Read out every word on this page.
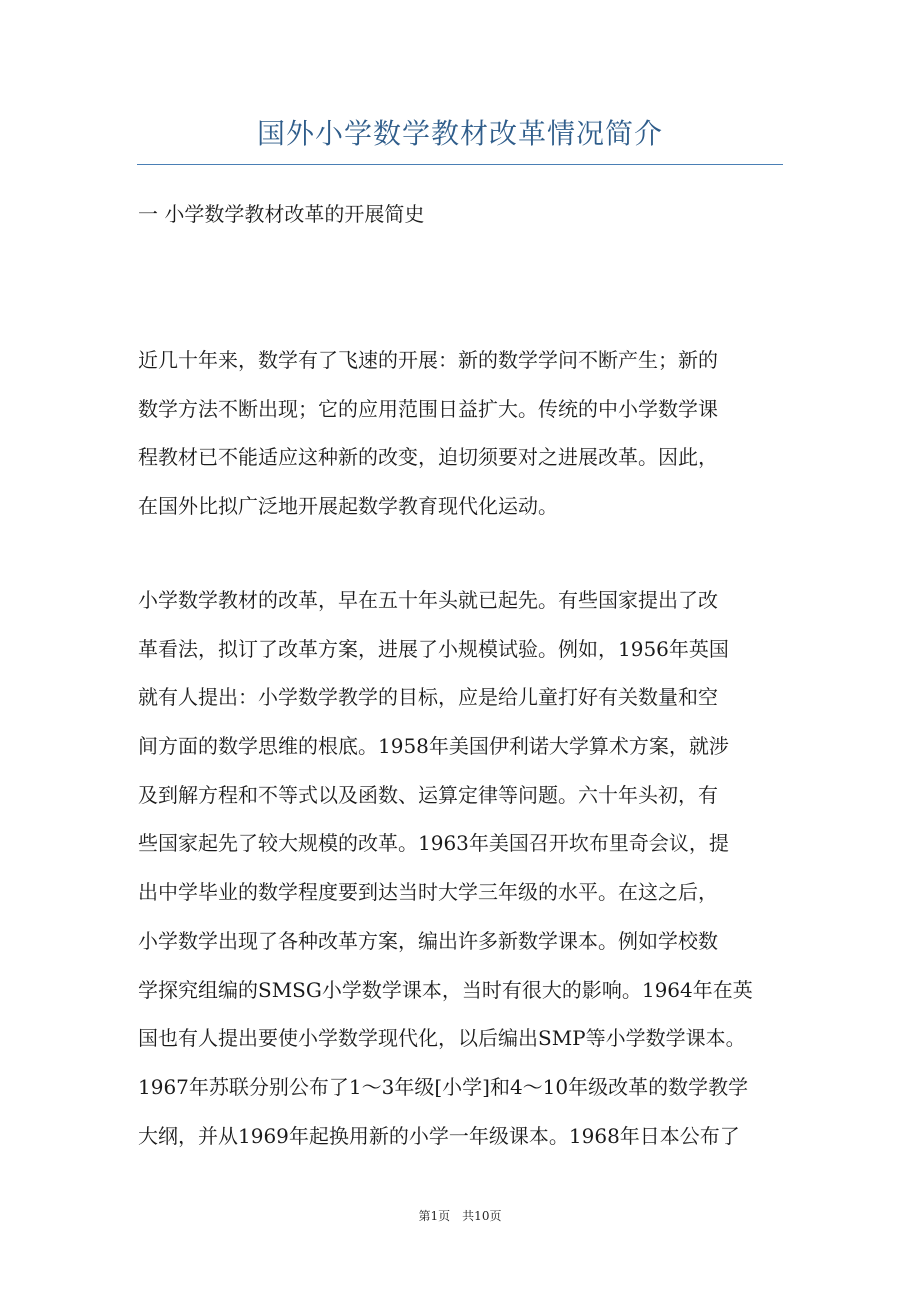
国外小学数学教材改革情况简介
一 小学数学教材改革的开展简史
近几十年来，数学有了飞速的开展：新的数学学问不断产生；新的
数学方法不断出现；它的应用范围日益扩大。传统的中小学数学课
程教材已不能适应这种新的改变，迫切须要对之进展改革。因此，
在国外比拟广泛地开展起数学教育现代化运动。
小学数学教材的改革，早在五十年头就已起先。有些国家提出了改
革看法，拟订了改革方案，进展了小规模试验。例如，1956年英国
就有人提出：小学数学教学的目标，应是给儿童打好有关数量和空
间方面的数学思维的根底。1958年美国伊利诺大学算术方案，就涉
及到解方程和不等式以及函数、运算定律等问题。六十年头初，有
些国家起先了较大规模的改革。1963年美国召开坎布里奇会议，提
出中学毕业的数学程度要到达当时大学三年级的水平。在这之后，
小学数学出现了各种改革方案，编出许多新数学课本。例如学校数
学探究组编的SMSG小学数学课本，当时有很大的影响。1964年在英
国也有人提出要使小学数学现代化，以后编出SMP等小学数学课本。
1967年苏联分别公布了1～3年级[小学]和4～10年级改革的数学教学
大纲，并从1969年起换用新的小学一年级课本。1968年日本公布了
第1页　共10页
